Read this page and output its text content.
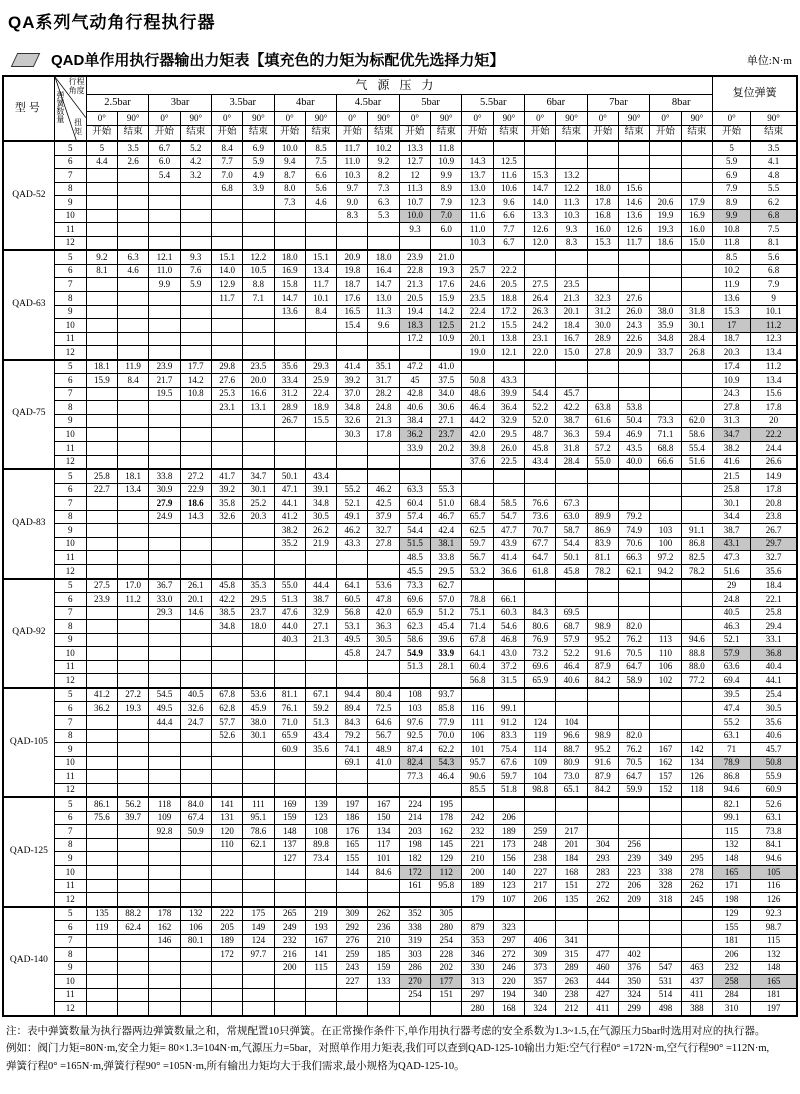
QA系列气动角行程执行器
QAD单作用执行器输出力矩表【填充色的力矩为标配优先选择力矩】	单位:N·m
型号	行程
角度
扭矩
弹簧数量	气源压力																				复位弹簧	
		2.5bar		3bar		3.5bar		4bar		4.5bar		5bar		5.5bar		6bar		7bar		8bar			
		0°	90°	0°	90°	0°	90°	0°	90°	0°	90°	0°	90°	0°	90°	0°	90°	0°	90°	0°	90°	0°	90°
		开始	结束	开始	结束	开始	结束	开始	结束	开始	结束	开始	结束	开始	结束	开始	结束	开始	结束	开始	结束	开始	结束
QAD-52	5	5	3.5	6.7	5.2	8.4	6.9	10.0	8.5	11.7	10.2	13.3	11.8									5	3.5
	6	4.4	2.6	6.0	4.2	7.7	5.9	9.4	7.5	11.0	9.2	12.7	10.9	14.3	12.5							5.9	4.1
	7			5.4	3.2	7.0	4.9	8.7	6.6	10.3	8.2	12	9.9	13.7	11.6	15.3	13.2					6.9	4.8
	8					6.8	3.9	8.0	5.6	9.7	7.3	11.3	8.9	13.0	10.6	14.7	12.2	18.0	15.6			7.9	5.5
	9							7.3	4.6	9.0	6.3	10.7	7.9	12.3	9.6	14.0	11.3	17.8	14.6	20.6	17.9	8.9	6.2
	10									8.3	5.3	10.0	7.0	11.6	6.6	13.3	10.3	16.8	13.6	19.9	16.9	9.9	6.8
	11											9.3	6.0	11.0	7.7	12.6	9.3	16.0	12.6	19.3	16.0	10.8	7.5
	12													10.3	6.7	12.0	8.3	15.3	11.7	18.6	15.0	11.8	8.1
QAD-63	5	9.2	6.3	12.1	9.3	15.1	12.2	18.0	15.1	20.9	18.0	23.9	21.0									8.5	5.6
	6	8.1	4.6	11.0	7.6	14.0	10.5	16.9	13.4	19.8	16.4	22.8	19.3	25.7	22.2							10.2	6.8
	7			9.9	5.9	12.9	8.8	15.8	11.7	18.7	14.7	21.3	17.6	24.6	20.5	27.5	23.5					11.9	7.9
	8					11.7	7.1	14.7	10.1	17.6	13.0	20.5	15.9	23.5	18.8	26.4	21.3	32.3	27.6			13.6	9
	9							13.6	8.4	16.5	11.3	19.4	14.2	22.4	17.2	26.3	20.1	31.2	26.0	38.0	31.8	15.3	10.1
	10									15.4	9.6	18.3	12.5	21.2	15.5	24.2	18.4	30.0	24.3	35.9	30.1	17	11.2
	11											17.2	10.9	20.1	13.8	23.1	16.7	28.9	22.6	34.8	28.4	18.7	12.3
	12													19.0	12.1	22.0	15.0	27.8	20.9	33.7	26.8	20.3	13.4
QAD-75	5	18.1	11.9	23.9	17.7	29.8	23.5	35.6	29.3	41.4	35.1	47.2	41.0									17.4	11.2
	6	15.9	8.4	21.7	14.2	27.6	20.0	33.4	25.9	39.2	31.7	45	37.5	50.8	43.3							10.9	13.4
	7			19.5	10.8	25.3	16.6	31.2	22.4	37.0	28.2	42.8	34.0	48.6	39.9	54.4	45.7					24.3	15.6
	8					23.1	13.1	28.9	18.9	34.8	24.8	40.6	30.6	46.4	36.4	52.2	42.2	63.8	53.8			27.8	17.8
	9							26.7	15.5	32.6	21.3	38.4	27.1	44.2	32.9	52.0	38.7	61.6	50.4	73.3	62.0	31.3	20
	10									30.3	17.8	36.2	23.7	42.0	29.5	48.7	36.3	59.4	46.9	71.1	58.6	34.7	22.2
	11											33.9	20.2	39.8	26.0	45.8	31.8	57.2	43.5	68.8	55.4	38.2	24.4
	12													37.6	22.5	43.4	28.4	55.0	40.0	66.6	51.6	41.6	26.6
QAD-83	5	25.8	18.1	33.8	27.2	41.7	34.7	50.1	43.4													21.5	14.9
	6	22.7	13.4	30.9	22.9	39.2	30.1	47.1	39.1	55.2	46.2	63.3	55.3									25.8	17.8
	7			27.9	18.6	35.8	25.2	44.1	34.8	52.1	42.5	60.4	51.0	68.4	58.5	76.6	67.3					30.1	20.8
	8			24.9	14.3	32.6	20.3	41.2	30.5	49.1	37.9	57.4	46.7	65.7	54.7	73.6	63.0	89.9	79.2			34.4	23.8
	9							38.2	26.2	46.2	32.7	54.4	42.4	62.5	47.7	70.7	58.7	86.9	74.9	103	91.1	38.7	26.7
	10							35.2	21.9	43.3	27.8	51.5	38.1	59.7	43.9	67.7	54.4	83.9	70.6	100	86.8	43.1	29.7
	11											48.5	33.8	56.7	41.4	64.7	50.1	81.1	66.3	97.2	82.5	47.3	32.7
	12											45.5	29.5	53.2	36.6	61.8	45.8	78.2	62.1	94.2	78.2	51.6	35.6
QAD-92	5	27.5	17.0	36.7	26.1	45.8	35.3	55.0	44.4	64.1	53.6	73.3	62.7									29	18.4
	6	23.9	11.2	33.0	20.1	42.2	29.5	51.3	38.7	60.5	47.8	69.6	57.0	78.8	66.1							24.8	22.1
	7			29.3	14.6	38.5	23.7	47.6	32.9	56.8	42.0	65.9	51.2	75.1	60.3	84.3	69.5					40.5	25.8
	8					34.8	18.0	44.0	27.1	53.1	36.3	62.3	45.4	71.4	54.6	80.6	68.7	98.9	82.0			46.3	29.4
	9							40.3	21.3	49.5	30.5	58.6	39.6	67.8	46.8	76.9	57.9	95.2	76.2	113	94.6	52.1	33.1
	10									45.8	24.7	54.9	33.9	64.1	43.0	73.2	52.2	91.6	70.5	110	88.8	57.9	36.8
	11											51.3	28.1	60.4	37.2	69.6	46.4	87.9	64.7	106	88.0	63.6	40.4
	12													56.8	31.5	65.9	40.6	84.2	58.9	102	77.2	69.4	44.1
QAD-105	5	41.2	27.2	54.5	40.5	67.8	53.6	81.1	67.1	94.4	80.4	108	93.7									39.5	25.4
	6	36.2	19.3	49.5	32.6	62.8	45.9	76.1	59.2	89.4	72.5	103	85.8	116	99.1							47.4	30.5
	7			44.4	24.7	57.7	38.0	71.0	51.3	84.3	64.6	97.6	77.9	111	91.2	124	104					55.2	35.6
	8					52.6	30.1	65.9	43.4	79.2	56.7	92.5	70.0	106	83.3	119	96.6	98.9	82.0			63.1	40.6
	9							60.9	35.6	74.1	48.9	87.4	62.2	101	75.4	114	88.7	95.2	76.2	167	142	71	45.7
	10									69.1	41.0	82.4	54.3	95.7	67.6	109	80.9	91.6	70.5	162	134	78.9	50.8
	11											77.3	46.4	90.6	59.7	104	73.0	87.9	64.7	157	126	86.8	55.9
	12													85.5	51.8	98.8	65.1	84.2	59.9	152	118	94.6	60.9
QAD-125	5	86.1	56.2	118	84.0	141	111	169	139	197	167	224	195									82.1	52.6
	6	75.6	39.7	109	67.4	131	95.1	159	123	186	150	214	178	242	206							99.1	63.1
	7			92.8	50.9	120	78.6	148	108	176	134	203	162	232	189	259	217					115	73.8
	8					110	62.1	137	89.8	165	117	198	145	221	173	248	201	304	256			132	84.1
	9							127	73.4	155	101	182	129	210	156	238	184	293	239	349	295	148	94.6
	10									144	84.6	172	112	200	140	227	168	283	223	338	278	165	105
	11											161	95.8	189	123	217	151	272	206	328	262	171	116
	12													179	107	206	135	262	209	318	245	198	126
QAD-140	5	135	88.2	178	132	222	175	265	219	309	262	352	305									129	92.3
	6	119	62.4	162	106	205	149	249	193	292	236	338	280	879	323							155	98.7
	7			146	80.1	189	124	232	167	276	210	319	254	353	297	406	341					181	115
	8					172	97.7	216	141	259	185	303	228	346	272	309	315	477	402			206	132
	9							200	115	243	159	286	202	330	246	373	289	460	376	547	463	232	148
	10									227	133	270	177	313	220	357	263	444	350	531	437	258	165
	11											254	151	297	194	340	238	427	324	514	411	284	181
	12													280	168	324	212	411	299	498	388	310	197
注：表中弹簧数量为执行器两边弹簧数量之和，常规配置10只弹簧。在正常操作条件下,单作用执行器考虑的安全系数为1.3~1.5,在气源压力5bar时选用对应的执行器。
例如：阀门力矩=80N·m,安全力矩= 80×1.3=104N·m,气源压力=5bar，对照单作用力矩表,我们可以查到QAD-125-10输出力矩:空气行程0° =172N·m,空气行程90° =112N·m,
弹簧行程0° =165N·m,弹簧行程90° =105N·m,所有输出力矩均大于我们需求,最小规格为QAD-125-10。
